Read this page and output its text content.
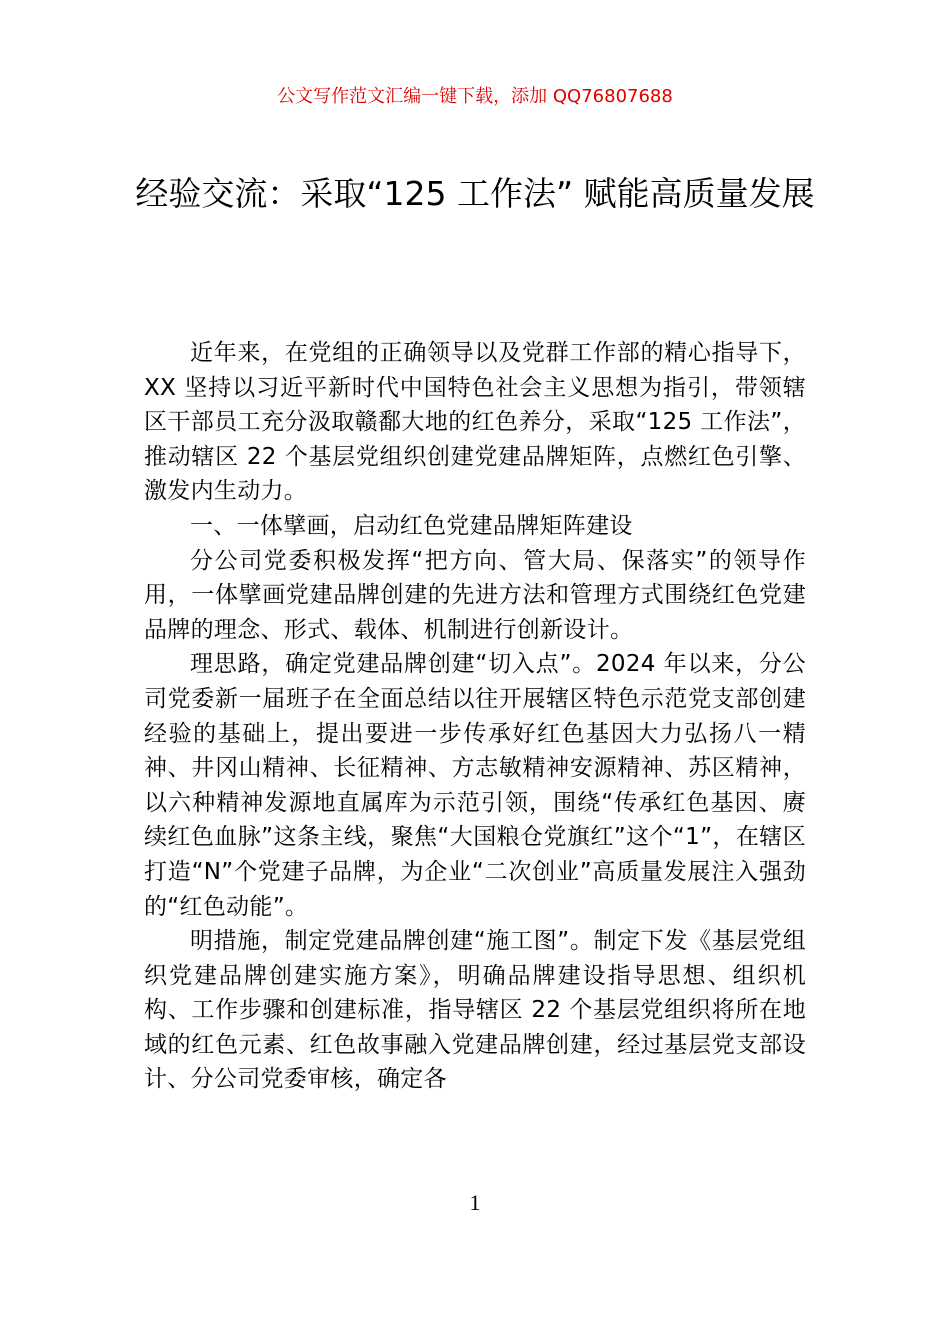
公文写作范文汇编一键下载，添加 QQ76807688
经验交流：采取“125 工作法” 赋能高质量发展

近年来，在党组的正确领导以及党群工作部的精心指导下，XX 坚持以习近平新时代中国特色社会主义思想为指引，带领辖区干部员工充分汲取赣鄱大地的红色养分，采取“125 工作法”，推动辖区 22 个基层党组织创建党建品牌矩阵，点燃红色引擎、激发内生动力。

一、一体擘画，启动红色党建品牌矩阵建设

分公司党委积极发挥“把方向、管大局、保落实”的领导作用，一体擘画党建品牌创建的先进方法和管理方式围绕红色党建品牌的理念、形式、载体、机制进行创新设计。

理思路，确定党建品牌创建“切入点”。2024 年以来，分公司党委新一届班子在全面总结以往开展辖区特色示范党支部创建经验的基础上，提出要进一步传承好红色基因大力弘扬八一精神、井冈山精神、长征精神、方志敏精神安源精神、苏区精神，以六种精神发源地直属库为示范引领，围绕“传承红色基因、赓续红色血脉”这条主线，聚焦“大国粮仓党旗红”这个“1”，在辖区打造“N”个党建子品牌，为企业“二次创业”高质量发展注入强劲的“红色动能”。

明措施，制定党建品牌创建“施工图”。制定下发《基层党组织党建品牌创建实施方案》，明确品牌建设指导思想、组织机构、工作步骤和创建标准，指导辖区 22 个基层党组织将所在地域的红色元素、红色故事融入党建品牌创建，经过基层党支部设计、分公司党委审核，确定各

1
